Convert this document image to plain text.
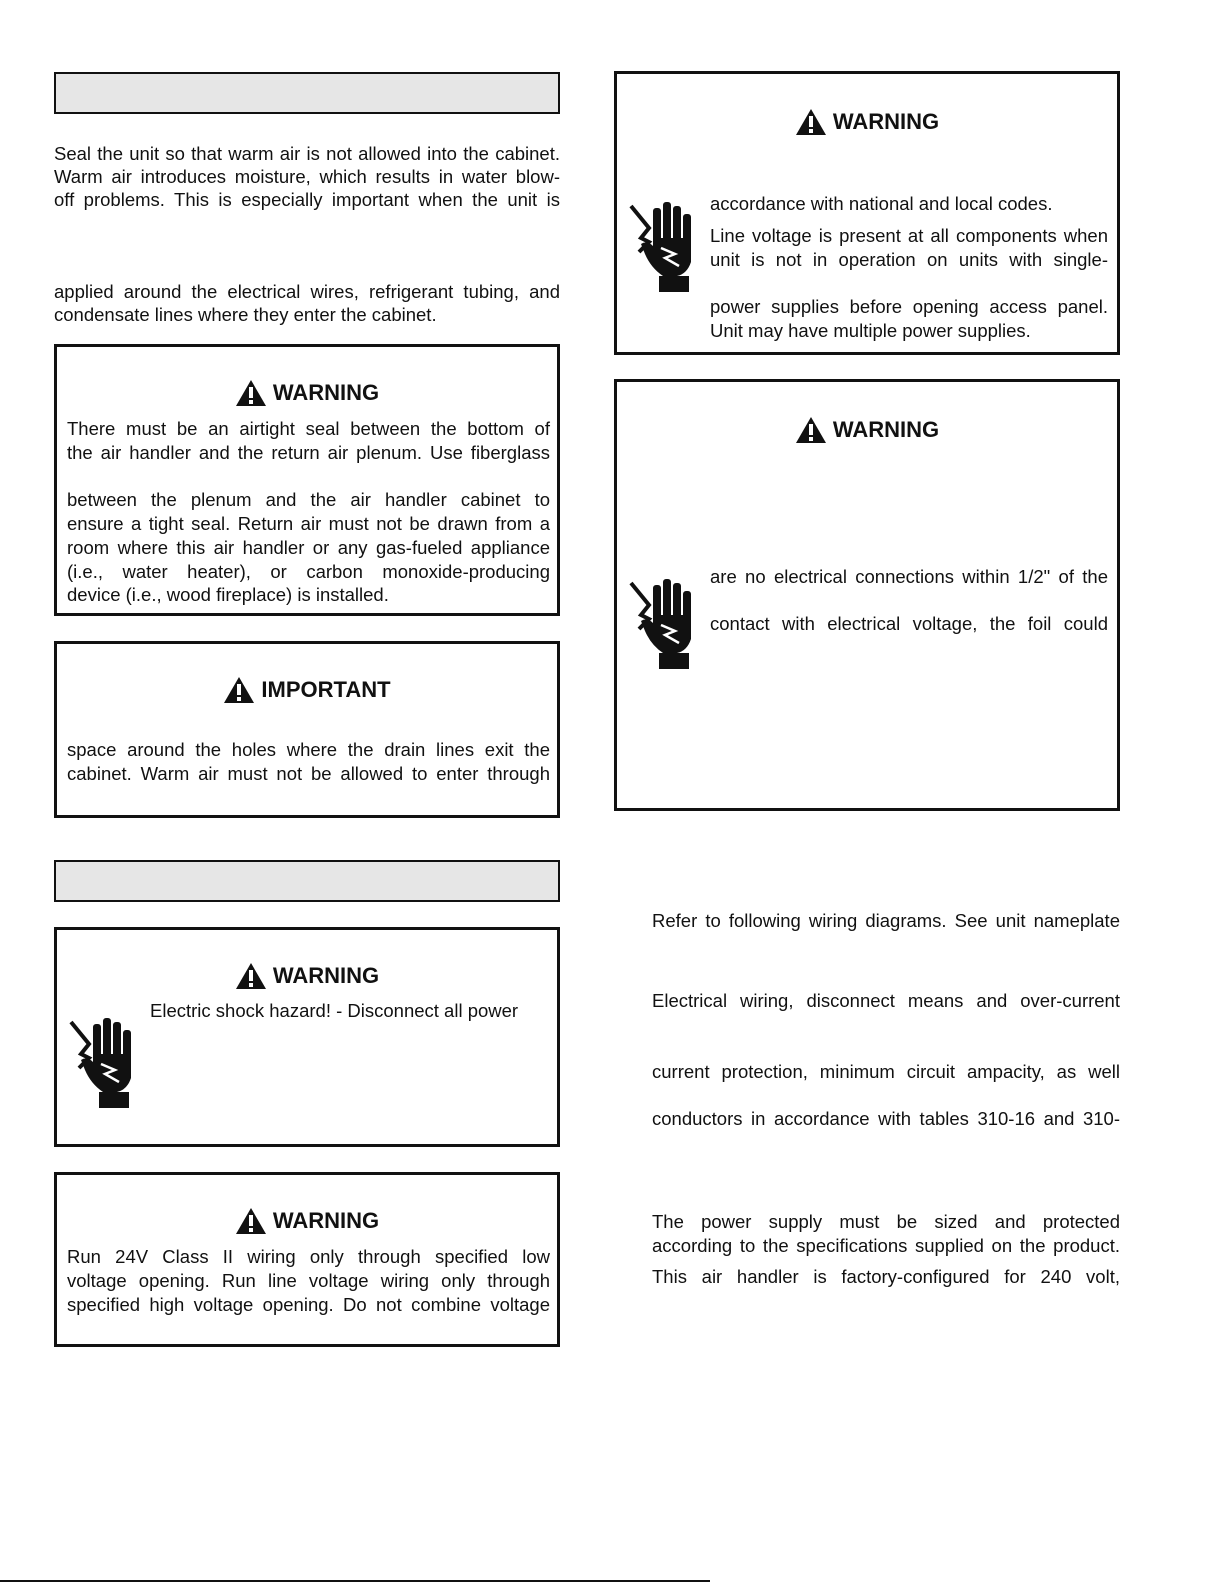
Seal the unit so that warm air is not allowed into the cabinet.
Warm air introduces moisture, which results in water blow-
off problems. This is especially important when the unit is
applied around the electrical wires, refrigerant tubing, and
condensate lines where they enter the cabinet.
WARNING
There must be an airtight seal between the bottom of
the air handler and the return air plenum. Use fiberglass
between the plenum and the air handler cabinet to
ensure a tight seal. Return air must not be drawn from a
room where this air handler or any gas-fueled appliance
(i.e., water heater), or carbon monoxide-producing
device (i.e., wood fireplace) is installed.
IMPORTANT
space around the holes where the drain lines exit the
cabinet. Warm air must not be allowed to enter through
WARNING
Electric shock hazard! - Disconnect all power
WARNING
Run 24V Class II wiring only through specified low
voltage opening. Run line voltage wiring only through
specified high voltage opening. Do not combine voltage
WARNING
accordance with national and local codes.
Line voltage is present at all components when
unit is not in operation on units with single-
power supplies before opening access panel.
Unit may have multiple power supplies.
WARNING
are no electrical connections within 1/2" of the
contact with electrical voltage, the foil could
Refer to following wiring diagrams. See unit nameplate
Electrical wiring, disconnect means and over-current
current protection, minimum circuit ampacity, as well
conductors in accordance with tables 310-16 and 310-
The power supply must be sized and protected
according to the specifications supplied on the product.
This air handler is factory-configured for 240 volt,
